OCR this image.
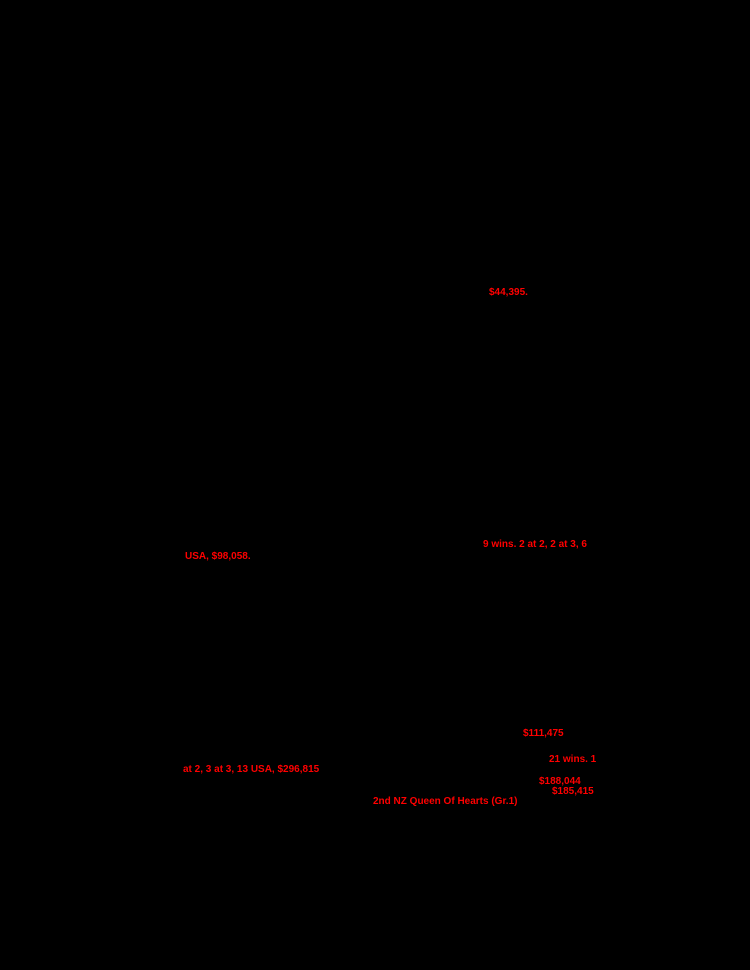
$44,395.
9 wins. 2 at 2, 2 at 3, 6
USA, $98,058.
$111,475
21 wins. 1
at 2, 3 at 3, 13 USA, $296,815
$188,044
$185,415
2nd NZ Queen Of Hearts (Gr.1)
